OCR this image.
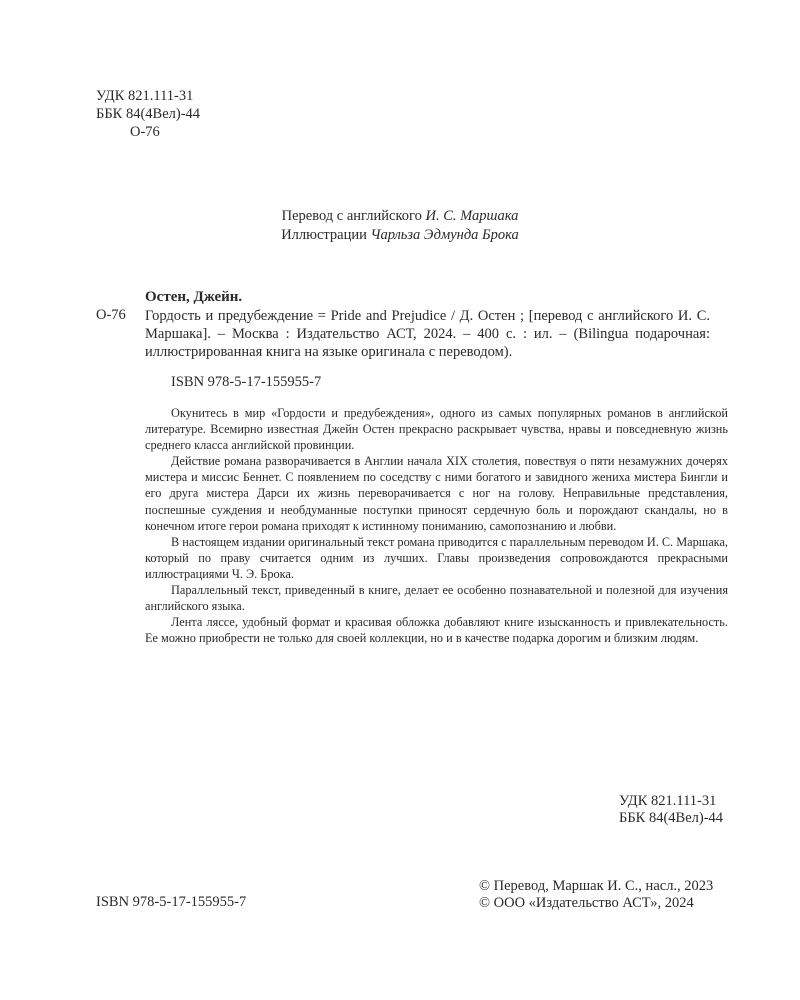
УДК 821.111-31
ББК 84(4Вел)-44
О-76
Перевод с английского И. С. Маршака
Иллюстрации Чарльза Эдмунда Брока
Остен, Джейн.
О-76 Гордость и предубеждение = Pride and Prejudice / Д. Остен ; [перевод с английского И. С. Маршака]. – Москва : Издательство АСТ, 2024. – 400 с. : ил. – (Bilingua подарочная: иллюстрированная книга на языке оригинала с переводом).
ISBN 978-5-17-155955-7

Окунитесь в мир «Гордости и предубеждения», одного из самых популярных романов в английской литературе. Всемирно известная Джейн Остен прекрасно раскрывает чувства, нравы и повседневную жизнь среднего класса английской провинции.

Действие романа разворачивается в Англии начала XIX столетия, повествуя о пяти незамужних дочерях мистера и миссис Беннет. С появлением по соседству с ними богатого и завидного жениха мистера Бингли и его друга мистера Дарси их жизнь переворачивается с ног на голову. Неправильные представления, поспешные суждения и необдуманные поступки приносят сердечную боль и порождают скандалы, но в конечном итоге герои романа приходят к истинному пониманию, самопознанию и любви.

В настоящем издании оригинальный текст романа приводится с параллельным переводом И. С. Маршака, который по праву считается одним из лучших. Главы произведения сопровождаются прекрасными иллюстрациями Ч. Э. Брока.

Параллельный текст, приведенный в книге, делает ее особенно познавательной и полезной для изучения английского языка.

Лента ляссе, удобный формат и красивая обложка добавляют книге изысканность и привлекательность. Ее можно приобрести не только для своей коллекции, но и в качестве подарка дорогим и близким людям.

УДК 821.111-31
ББК 84(4Вел)-44
© Перевод, Маршак И. С., насл., 2023
© ООО «Издательство АСТ», 2024
ISBN 978-5-17-155955-7
